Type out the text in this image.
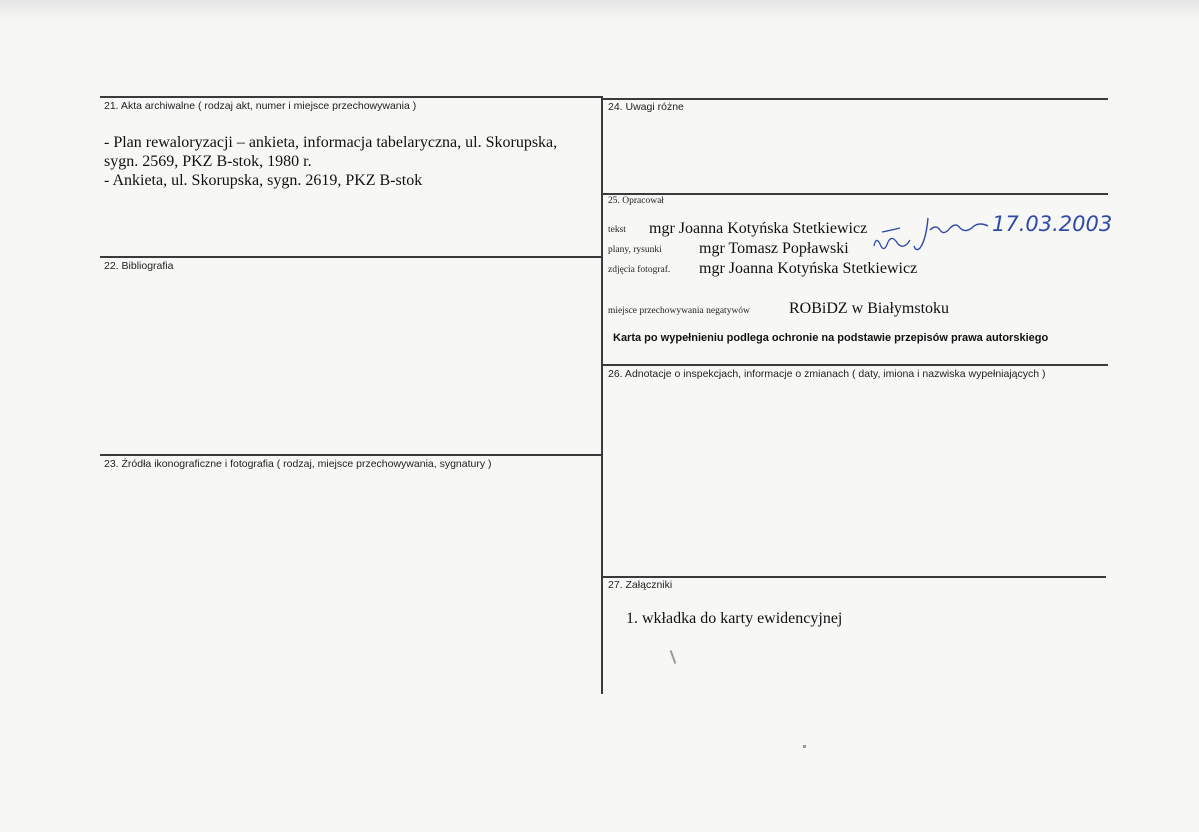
21. Akta archiwalne ( rodzaj akt, numer i miejsce przechowywania )
- Plan rewaloryzacji – ankieta, informacja tabelaryczna, ul. Skorupska,
sygn. 2569, PKZ B-stok, 1980 r.
- Ankieta, ul. Skorupska, sygn. 2619, PKZ B-stok
22. Bibliografia
23. Źródła ikonograficzne i fotografia ( rodzaj, miejsce przechowywania, sygnatury )
24. Uwagi różne
25. Opracował
tekst mgr Joanna Kotyńska Stetkiewicz
plany, rysunki mgr Tomasz Popławski
zdjęcia fotograf. mgr Joanna Kotyńska Stetkiewicz
17.03.2003
miejsce przechowywania negatywów ROBiDZ w Białymstoku
Karta po wypełnieniu podlega ochronie na podstawie przepisów prawa autorskiego
26. Adnotacje o inspekcjach, informacje o zmianach ( daty, imiona i nazwiska wypełniających )
27. Załączniki
1. wkładka do karty ewidencyjnej
